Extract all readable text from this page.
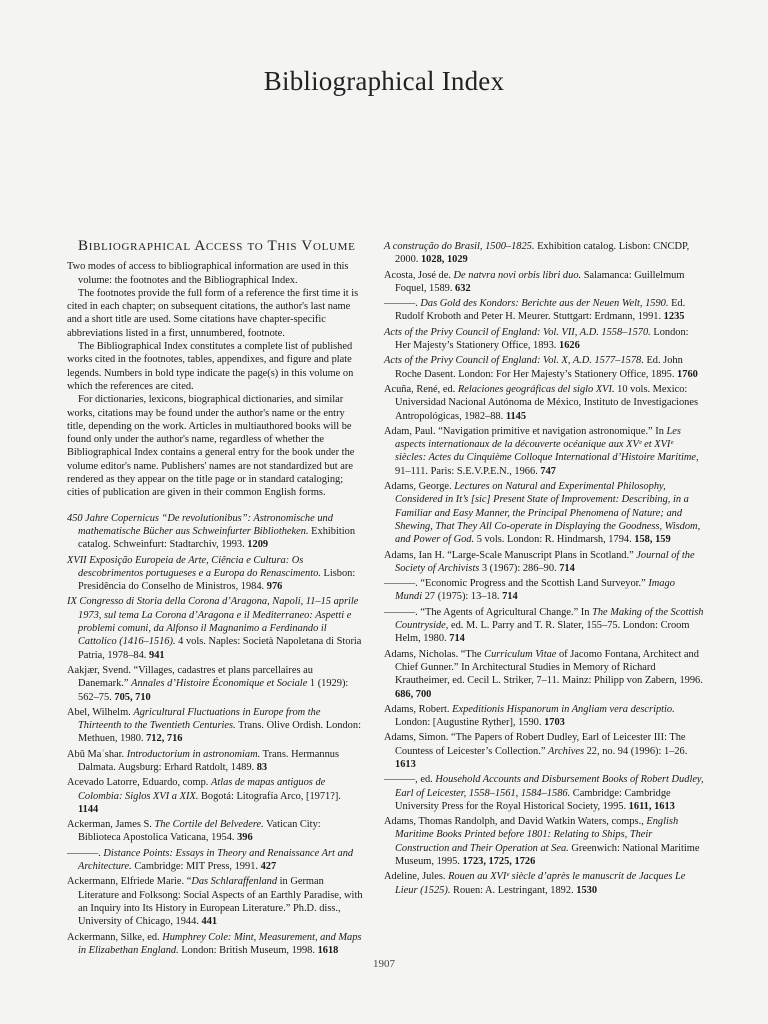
Bibliographical Index
Bibliographical Access to This Volume

Two modes of access to bibliographical information are used in this volume: the footnotes and the Bibliographical Index.

The footnotes provide the full form of a reference the first time it is cited in each chapter; on subsequent citations, the author's last name and a short title are used. Some citations have chapter-specific abbreviations listed in a first, unnumbered, footnote.

The Bibliographical Index constitutes a complete list of published works cited in the footnotes, tables, appendixes, and figure and plate legends. Numbers in bold type indicate the page(s) in this volume on which the references are cited.

For dictionaries, lexicons, biographical dictionaries, and similar works, citations may be found under the author's name or the entry title, depending on the work. Articles in multiauthored books will be found only under the author's name, regardless of whether the Bibliographical Index contains a general entry for the book under the volume editor's name. Publishers' names are not standardized but are rendered as they appear on the title page or in standard cataloging; cities of publication are given in their common English forms.

450 Jahre Copernicus “De revolutionibus”: Astronomische und mathematische Bücher aus Schweinfurter Bibliotheken. Exhibition catalog. Schweinfurt: Stadtarchiv, 1993. 1209

XVII Exposição Europeia de Arte, Ciência e Cultura: Os descobrimentos portugueses e a Europa do Renascimento. Lisbon: Presidência do Conselho de Ministros, 1984. 976

IX Congresso di Storia della Corona d’Aragona, Napoli, 11–15 aprile 1973, sul tema La Corona d’Aragona e il Mediterraneo: Aspetti e problemi comuni, da Alfonso il Magnanimo a Ferdinando il Cattolico (1416–1516). 4 vols. Naples: Società Napoletana di Storia Patria, 1978–84. 941

Aakjær, Svend. “Villages, cadastres et plans parcellaires au Danemark.” Annales d’Histoire Économique et Sociale 1 (1929): 562–75. 705, 710

Abel, Wilhelm. Agricultural Fluctuations in Europe from the Thirteenth to the Twentieth Centuries. Trans. Olive Ordish. London: Methuen, 1980. 712, 716

Abū Maʿshar. Introductorium in astronomiam. Trans. Hermannus Dalmata. Augsburg: Erhard Ratdolt, 1489. 83

Acevado Latorre, Eduardo, comp. Atlas de mapas antiguos de Colombia: Siglos XVI a XIX. Bogotá: Litografía Arco, [1971?]. 1144

Ackerman, James S. The Cortile del Belvedere. Vatican City: Biblioteca Apostolica Vaticana, 1954. 396

———. Distance Points: Essays in Theory and Renaissance Art and Architecture. Cambridge: MIT Press, 1991. 427

Ackermann, Elfriede Marie. “Das Schlaraffenland in German Literature and Folksong: Social Aspects of an Earthly Paradise, with an Inquiry into Its History in European Literature.” Ph.D. diss., University of Chicago, 1944. 441

Ackermann, Silke, ed. Humphrey Cole: Mint, Measurement, and Maps in Elizabethan England. London: British Museum, 1998. 1618

A construção do Brasil, 1500–1825. Exhibition catalog. Lisbon: CNCDP, 2000. 1028, 1029

Acosta, José de. De natvra novi orbis libri duo. Salamanca: Guillelmum Foquel, 1589. 632

———. Das Gold des Kondors: Berichte aus der Neuen Welt, 1590. Ed. Rudolf Kroboth and Peter H. Meurer. Stuttgart: Erdmann, 1991. 1235

Acts of the Privy Council of England: Vol. VII, A.D. 1558–1570. London: Her Majesty’s Stationery Office, 1893. 1626

Acts of the Privy Council of England: Vol. X, A.D. 1577–1578. Ed. John Roche Dasent. London: For Her Majesty’s Stationery Office, 1895. 1760

Acuña, René, ed. Relaciones geográficas del siglo XVI. 10 vols. Mexico: Universidad Nacional Autónoma de México, Instituto de Investigaciones Antropológicas, 1982–88. 1145

Adam, Paul. “Navigation primitive et navigation astronomique.” In Les aspects internationaux de la découverte océanique aux XVᵉ et XVIᵉ siècles: Actes du Cinquième Colloque International d’Histoire Maritime, 91–111. Paris: S.E.V.P.E.N., 1966. 747

Adams, George. Lectures on Natural and Experimental Philosophy, Considered in It’s [sic] Present State of Improvement: Describing, in a Familiar and Easy Manner, the Principal Phenomena of Nature; and Shewing, That They All Co-operate in Displaying the Goodness, Wisdom, and Power of God. 5 vols. London: R. Hindmarsh, 1794. 158, 159

Adams, Ian H. “Large-Scale Manuscript Plans in Scotland.” Journal of the Society of Archivists 3 (1967): 286–90. 714

———. “Economic Progress and the Scottish Land Surveyor.” Imago Mundi 27 (1975): 13–18. 714

———. “The Agents of Agricultural Change.” In The Making of the Scottish Countryside, ed. M. L. Parry and T. R. Slater, 155–75. London: Croom Helm, 1980. 714

Adams, Nicholas. “The Curriculum Vitae of Jacomo Fontana, Architect and Chief Gunner.” In Architectural Studies in Memory of Richard Krautheimer, ed. Cecil L. Striker, 7–11. Mainz: Philipp von Zabern, 1996. 686, 700

Adams, Robert. Expeditionis Hispanorum in Angliam vera descriptio. London: [Augustine Ryther], 1590. 1703

Adams, Simon. “The Papers of Robert Dudley, Earl of Leicester III: The Countess of Leicester’s Collection.” Archives 22, no. 94 (1996): 1–26. 1613

———, ed. Household Accounts and Disbursement Books of Robert Dudley, Earl of Leicester, 1558–1561, 1584–1586. Cambridge: Cambridge University Press for the Royal Historical Society, 1995. 1611, 1613

Adams, Thomas Randolph, and David Watkin Waters, comps., English Maritime Books Printed before 1801: Relating to Ships, Their Construction and Their Operation at Sea. Greenwich: National Maritime Museum, 1995. 1723, 1725, 1726

Adeline, Jules. Rouen au XVIᵉ siècle d’après le manuscrit de Jacques Le Lieur (1525). Rouen: A. Lestringant, 1892. 1530

1907
